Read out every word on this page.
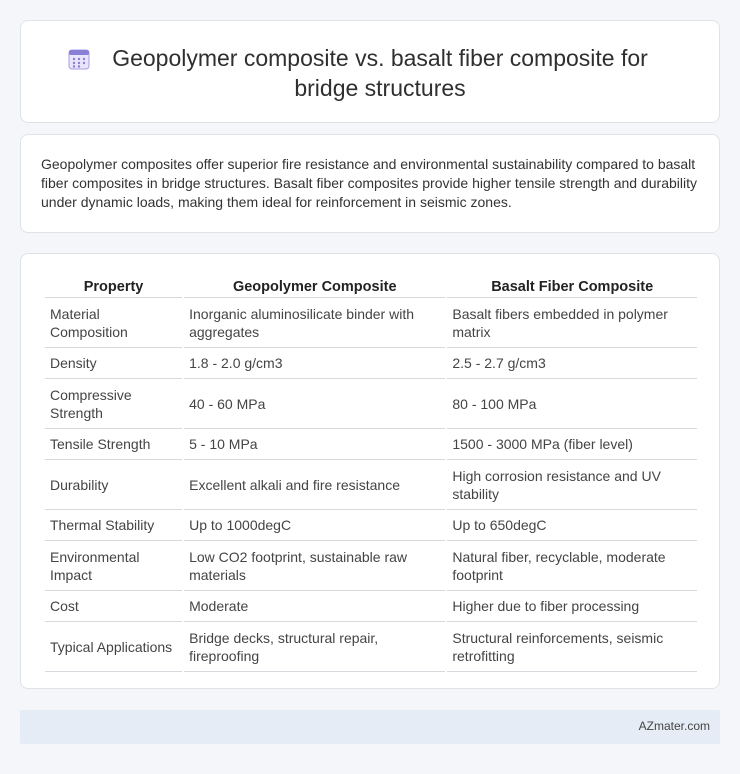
Geopolymer composite vs. basalt fiber composite for bridge structures

Geopolymer composites offer superior fire resistance and environmental sustainability compared to basalt fiber composites in bridge structures. Basalt fiber composites provide higher tensile strength and durability under dynamic loads, making them ideal for reinforcement in seismic zones.

Property	Geopolymer Composite	Basalt Fiber Composite
Material Composition	Inorganic aluminosilicate binder with aggregates	Basalt fibers embedded in polymer matrix
Density	1.8 - 2.0 g/cm3	2.5 - 2.7 g/cm3
Compressive Strength	40 - 60 MPa	80 - 100 MPa
Tensile Strength	5 - 10 MPa	1500 - 3000 MPa (fiber level)
Durability	Excellent alkali and fire resistance	High corrosion resistance and UV stability
Thermal Stability	Up to 1000degC	Up to 650degC
Environmental Impact	Low CO2 footprint, sustainable raw materials	Natural fiber, recyclable, moderate footprint
Cost	Moderate	Higher due to fiber processing
Typical Applications	Bridge decks, structural repair, fireproofing	Structural reinforcements, seismic retrofitting
AZmater.com
